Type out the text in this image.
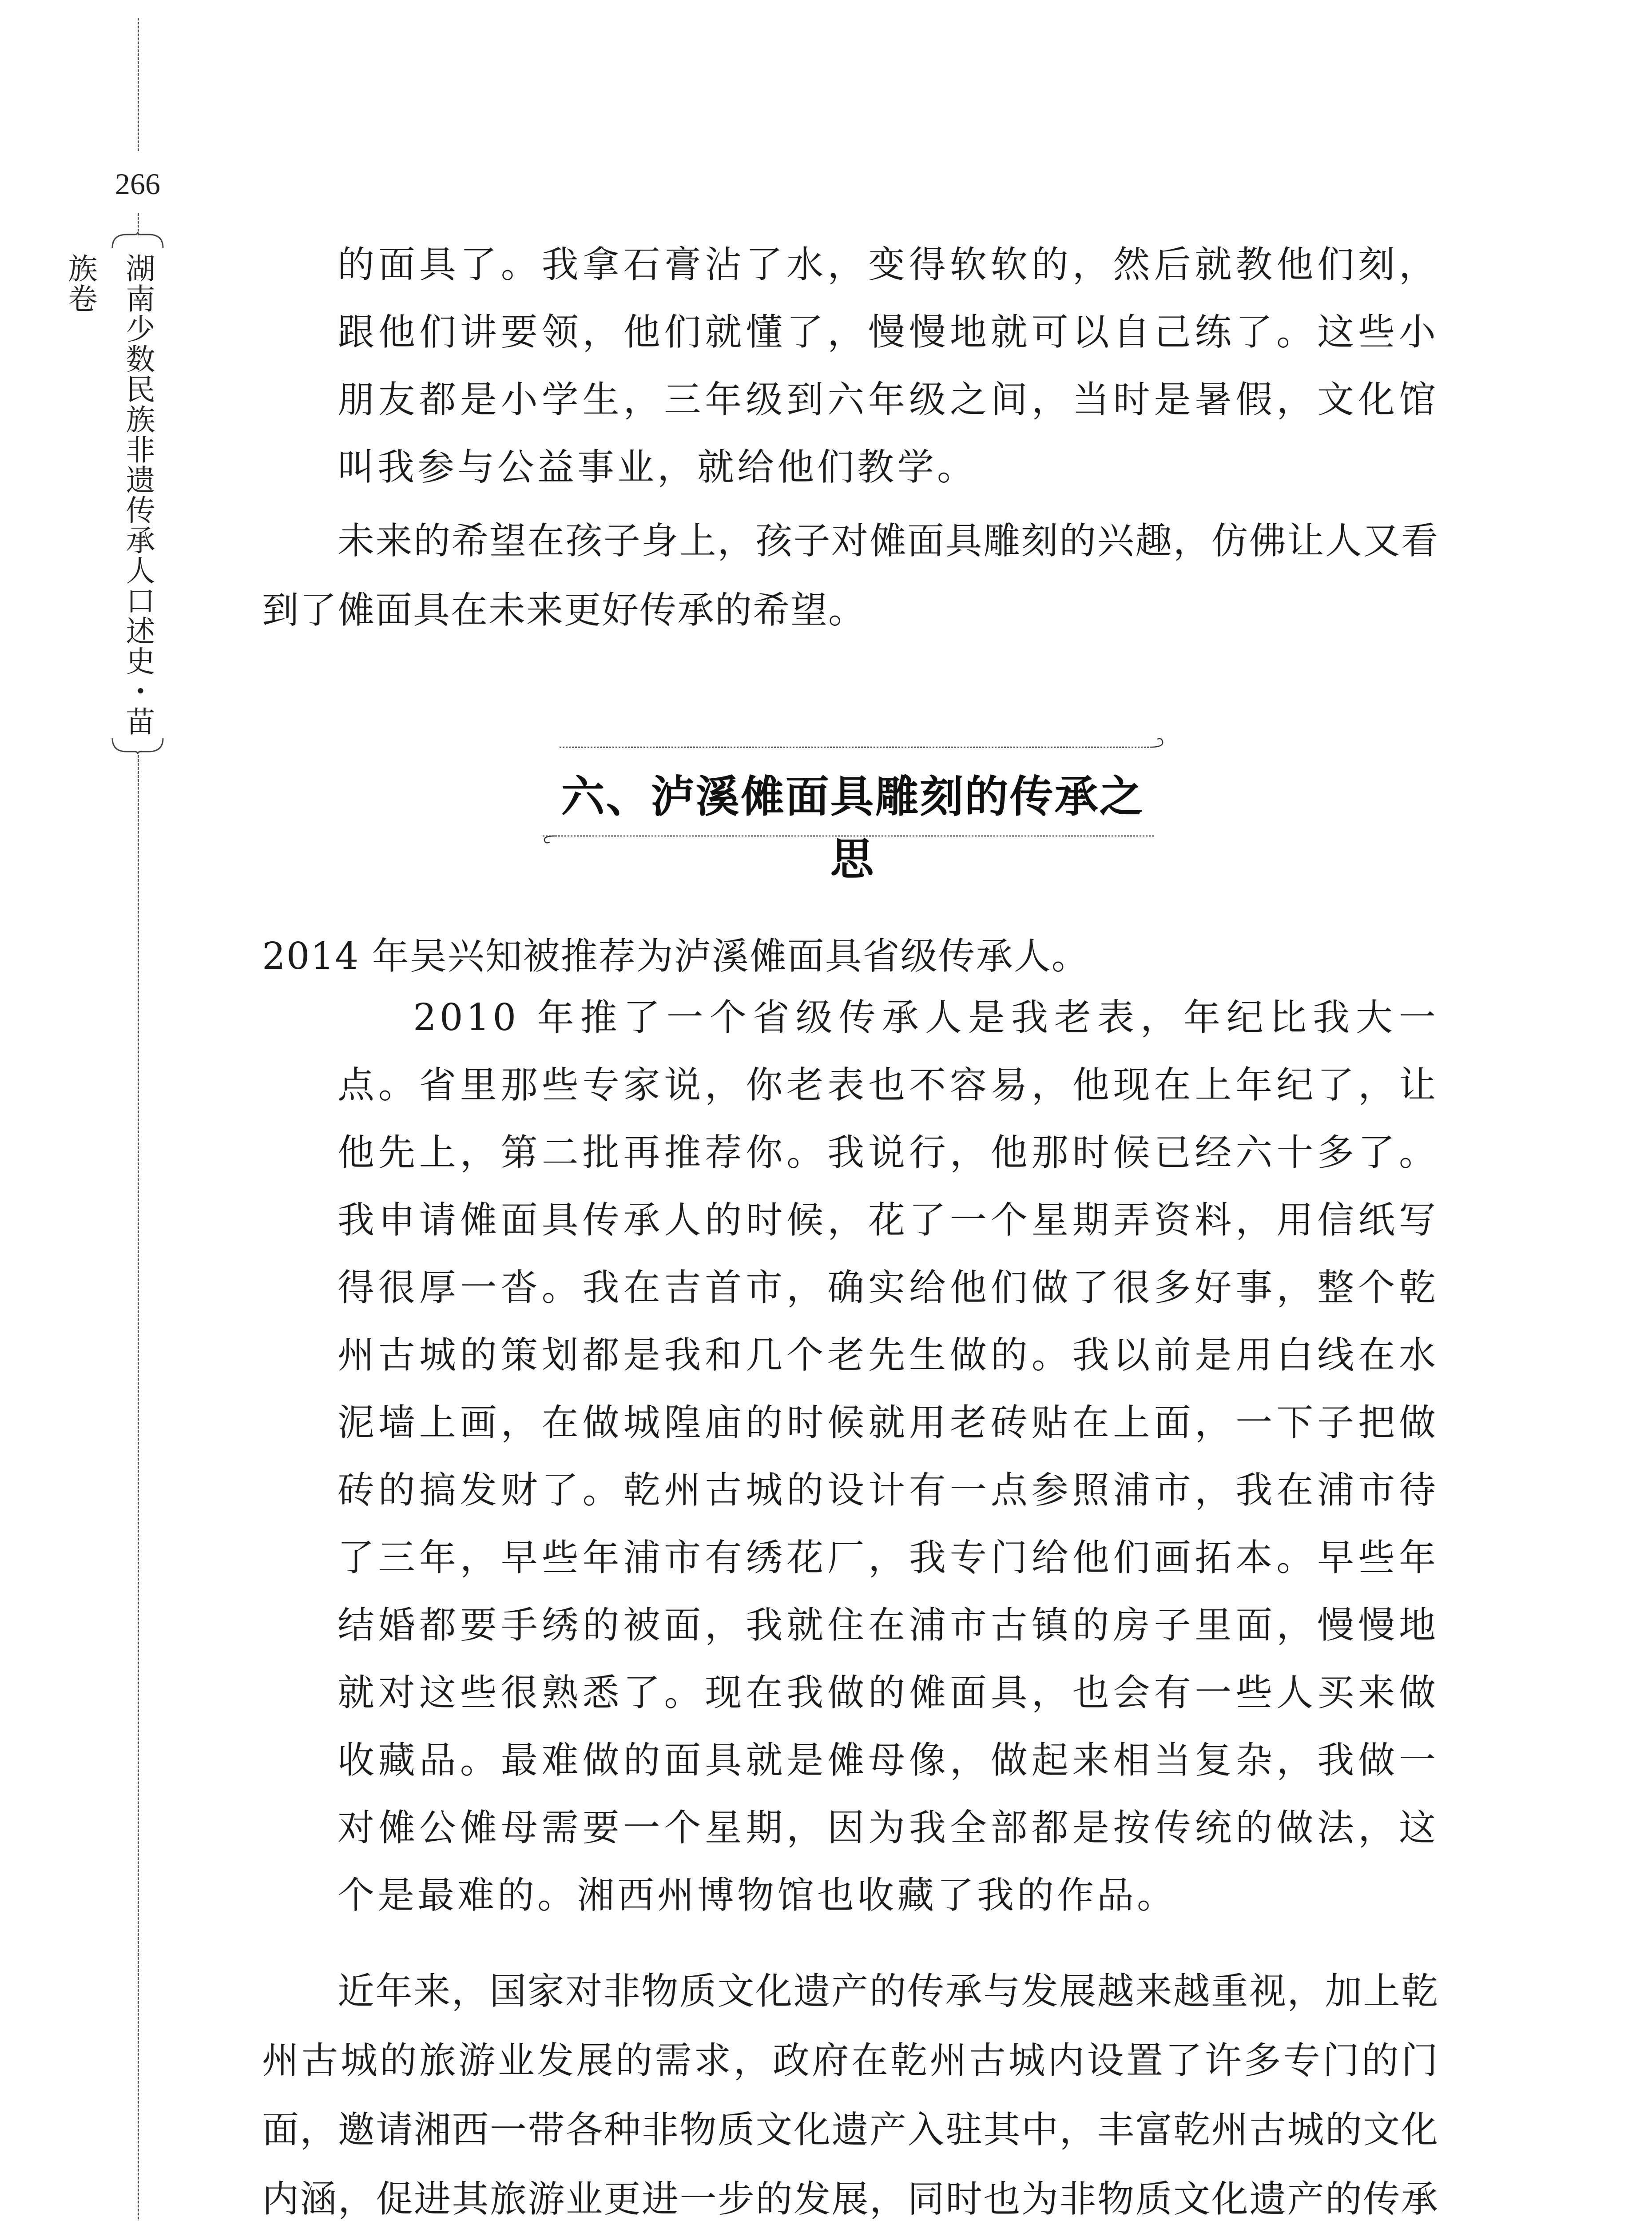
266
湖南少数民族非遗传承人口述史・苗族卷	的面具了。我拿石膏沾了水，变得软软的，然后就教他们刻，跟他们讲要领，他们就懂了，慢慢地就可以自己练了。这些小朋友都是小学生，三年级到六年级之间，当时是暑假，文化馆叫我参与公益事业，就给他们教学。

未来的希望在孩子身上，孩子对傩面具雕刻的兴趣，仿佛让人又看到了傩面具在未来更好传承的希望。

六、泸溪傩面具雕刻的传承之思

2014 年吴兴知被推荐为泸溪傩面具省级传承人。

2010 年推了一个省级传承人是我老表，年纪比我大一点。省里那些专家说，你老表也不容易，他现在上年纪了，让他先上，第二批再推荐你。我说行，他那时候已经六十多了。我申请傩面具传承人的时候，花了一个星期弄资料，用信纸写得很厚一沓。我在吉首市，确实给他们做了很多好事，整个乾州古城的策划都是我和几个老先生做的。我以前是用白线在水泥墙上画，在做城隍庙的时候就用老砖贴在上面，一下子把做砖的搞发财了。乾州古城的设计有一点参照浦市，我在浦市待了三年，早些年浦市有绣花厂，我专门给他们画拓本。早些年结婚都要手绣的被面，我就住在浦市古镇的房子里面，慢慢地就对这些很熟悉了。现在我做的傩面具，也会有一些人买来做收藏品。最难做的面具就是傩母像，做起来相当复杂，我做一对傩公傩母需要一个星期，因为我全部都是按传统的做法，这个是最难的。湘西州博物馆也收藏了我的作品。

近年来，国家对非物质文化遗产的传承与发展越来越重视，加上乾州古城的旅游业发展的需求，政府在乾州古城内设置了许多专门的门面，邀请湘西一带各种非物质文化遗产入驻其中，丰富乾州古城的文化内涵，促进其旅游业更进一步的发展，同时也为非物质文化遗产的传承
